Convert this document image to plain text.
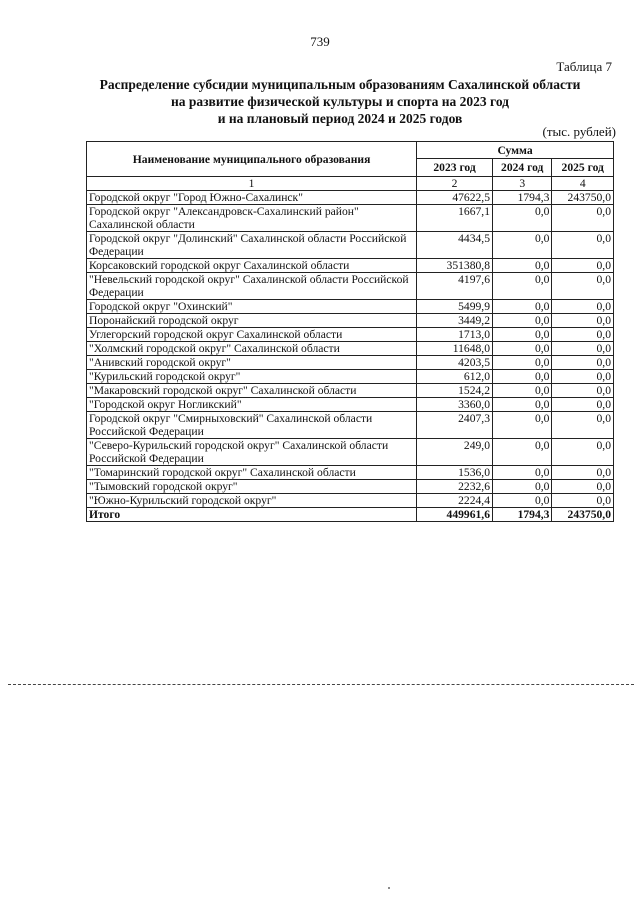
739
Таблица 7
Распределение субсидии муниципальным образованиям Сахалинской области
на развитие физической культуры и спорта на 2023 год
и на плановый период 2024 и 2025 годов
(тыс. рублей)
Наименование муниципального образования	Сумма		
	2023 год	2024 год	2025 год
1	2	3	4
Городской округ "Город Южно-Сахалинск"	47622,5	1794,3	243750,0
Городской округ "Александровск-Сахалинский район" Сахалинской области	1667,1	0,0	0,0
Городской округ "Долинский" Сахалинской области Российской Федерации	4434,5	0,0	0,0
Корсаковский городской округ Сахалинской области	351380,8	0,0	0,0
"Невельский городской округ" Сахалинской области Российской Федерации	4197,6	0,0	0,0
Городской округ "Охинский"	5499,9	0,0	0,0
Поронайский городской округ	3449,2	0,0	0,0
Углегорский городской округ Сахалинской области	1713,0	0,0	0,0
"Холмский городской округ" Сахалинской области	11648,0	0,0	0,0
"Анивский городской округ"	4203,5	0,0	0,0
"Курильский городской округ"	612,0	0,0	0,0
"Макаровский городской округ" Сахалинской области	1524,2	0,0	0,0
"Городской округ Ногликский"	3360,0	0,0	0,0
Городской округ "Смирныховский" Сахалинской области Российской Федерации	2407,3	0,0	0,0
"Северо-Курильский городской округ" Сахалинской области Российской Федерации	249,0	0,0	0,0
"Томаринский городской округ" Сахалинской области	1536,0	0,0	0,0
"Тымовский городской округ"	2232,6	0,0	0,0
"Южно-Курильский городской округ"	2224,4	0,0	0,0
Итого	449961,6	1794,3	243750,0
